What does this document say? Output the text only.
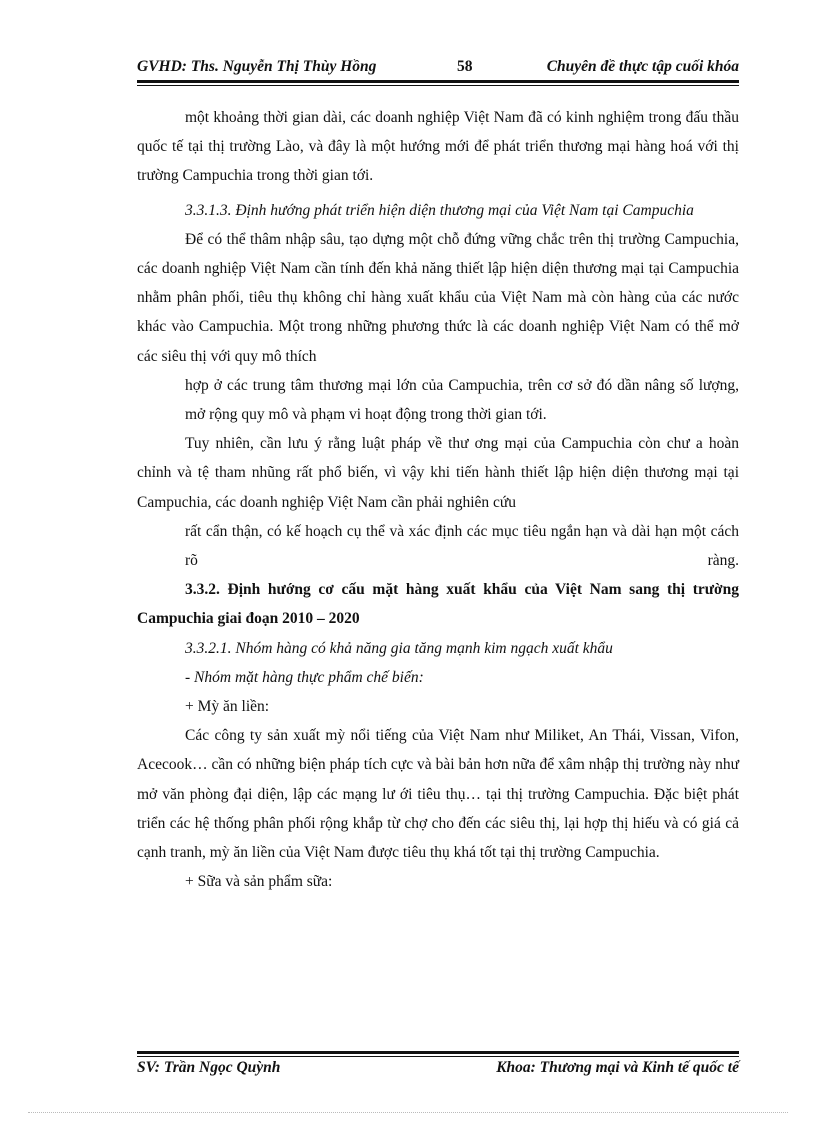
GVHD: Ths. Nguyễn Thị Thùy Hồng	58	Chuyên đề thực tập cuối khóa

một khoảng thời gian dài, các doanh nghiệp Việt Nam đã có kinh nghiệm trong đấu thầu quốc tế tại thị trường Lào, và đây là một hướng mới để phát triển thương mại hàng hoá với thị trường Campuchia trong thời gian tới.

3.3.1.3. Định hướng phát triển hiện diện thương mại của Việt Nam tại Campuchia

Để có thể thâm nhập sâu, tạo dựng một chỗ đứng vững chắc trên thị trường Campuchia, các doanh nghiệp Việt Nam cần tính đến khả năng thiết lập hiện diện thương mại tại Campuchia nhằm phân phối, tiêu thụ không chỉ hàng xuất khẩu của Việt Nam mà còn hàng của các nước khác vào Campuchia. Một trong những phương thức là các doanh nghiệp Việt Nam có thể mở các siêu thị với quy mô thích

hợp ở các trung tâm thương mại lớn của Campuchia, trên cơ sở đó dần nâng số lượng, mở rộng quy mô và phạm vi hoạt động trong thời gian tới.

Tuy nhiên, cần lưu ý rằng luật pháp về thư ơng mại của Campuchia còn chư a hoàn chỉnh và tệ tham nhũng rất phổ biến, vì vậy khi tiến hành thiết lập hiện diện thương mại tại Campuchia, các doanh nghiệp Việt Nam cần phải nghiên cứu

rất cẩn thận, có kế hoạch cụ thể và xác định các mục tiêu ngắn hạn và dài hạn một cách rõ ràng.

3.3.2. Định hướng cơ cấu mặt hàng xuất khẩu của Việt Nam sang thị trường Campuchia giai đoạn 2010 – 2020

3.3.2.1. Nhóm hàng có khả năng gia tăng mạnh kim ngạch xuất khẩu

- Nhóm mặt hàng thực phẩm chế biến:

+ Mỳ ăn liền:

Các công ty sản xuất mỳ nổi tiếng của Việt Nam như Miliket, An Thái, Vissan, Vifon, Acecook… cần có những biện pháp tích cực và bài bản hơn nữa để xâm nhập thị trường này như mở văn phòng đại diện, lập các mạng lư ới tiêu thụ… tại thị trường Campuchia. Đặc biệt phát triển các hệ thống phân phối rộng khắp từ chợ cho đến các siêu thị, lại hợp thị hiếu và có giá cả cạnh tranh, mỳ ăn liền của Việt Nam được tiêu thụ khá tốt tại thị trường Campuchia.

+ Sữa và sản phẩm sữa:

SV: Trần Ngọc Quỳnh	Khoa: Thương mại và Kinh tế quốc tế
